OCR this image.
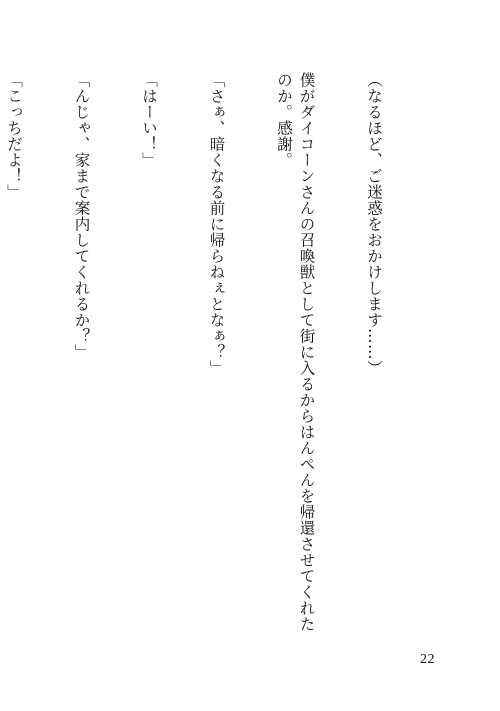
（なるほど、ご迷惑をおかけします……）

僕がダイコーンさんの召喚獣として街に入るからはんぺんを帰還させてくれたのか。感謝。

「さぁ、暗くなる前に帰らねぇとなぁ？」

「はーい！」

「んじゃ、家まで案内してくれるか？」

「こっちだよ！」

22
